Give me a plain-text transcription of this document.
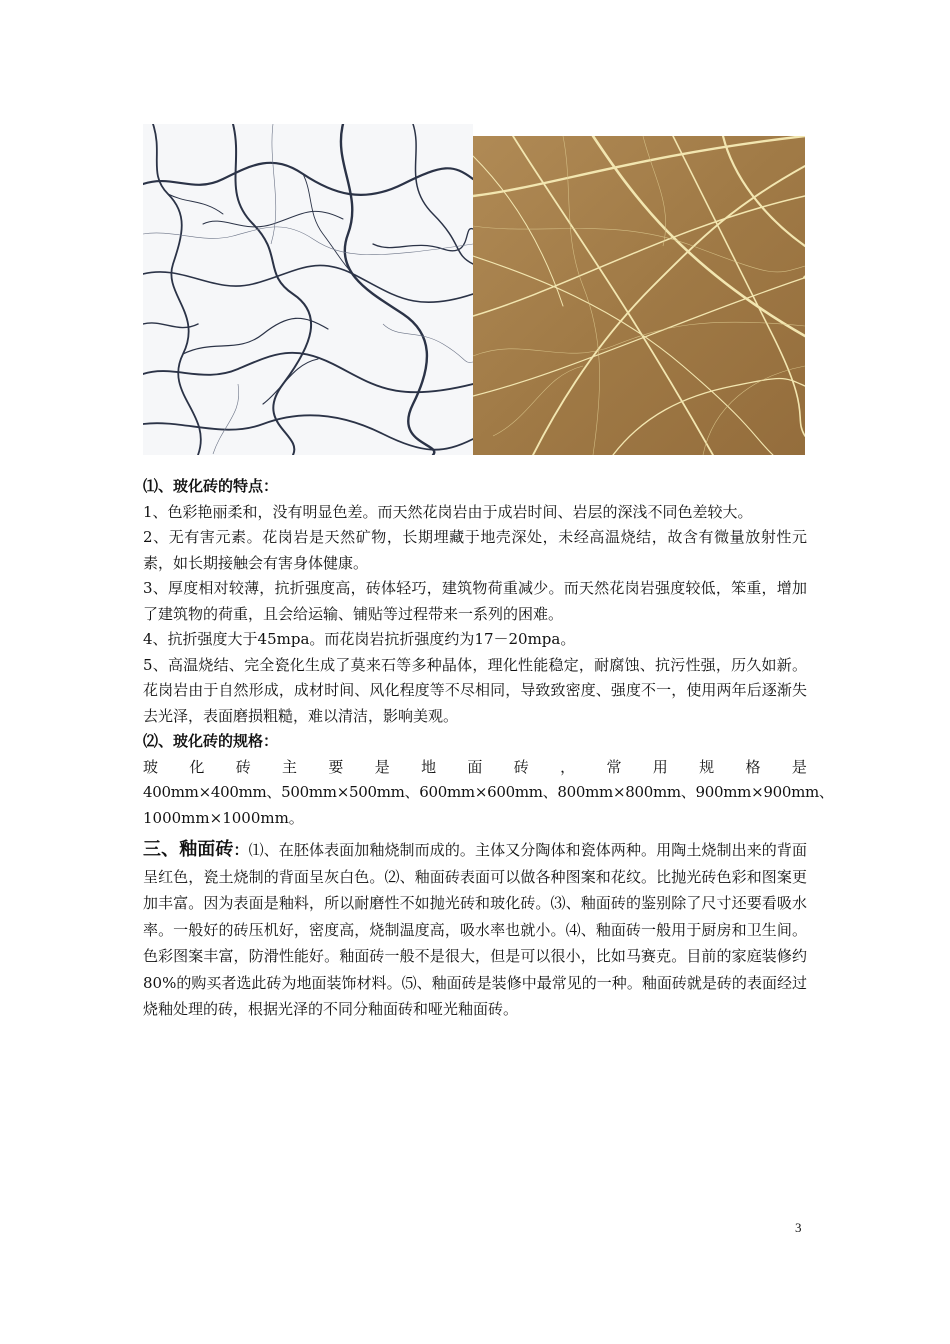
⑴、玻化砖的特点：

1、色彩艳丽柔和，没有明显色差。而天然花岗岩由于成岩时间、岩层的深浅不同色差较大。

2、无有害元素。花岗岩是天然矿物，长期埋藏于地壳深处，未经高温烧结，故含有微量放射性元素，如长期接触会有害身体健康。

3、厚度相对较薄，抗折强度高，砖体轻巧，建筑物荷重减少。而天然花岗岩强度较低，笨重，增加了建筑物的荷重，且会给运输、铺贴等过程带来一系列的困难。

4、抗折强度大于45mpa。而花岗岩抗折强度约为17－20mpa。

5、高温烧结、完全瓷化生成了莫来石等多种晶体，理化性能稳定，耐腐蚀、抗污性强，历久如新。花岗岩由于自然形成，成材时间、风化程度等不尽相同，导致致密度、强度不一，使用两年后逐渐失去光泽，表面磨损粗糙，难以清洁，影响美观。

⑵、玻化砖的规格：

玻 化 砖 主 要 是 地 面 砖 ， 常 用 规 格 是

400mm×400mm、500mm×500mm、600mm×600mm、800mm×800mm、900mm×900mm、

1000mm×1000mm。

三、釉面砖：⑴、在胚体表面加釉烧制而成的。主体又分陶体和瓷体两种。用陶土烧制出来的背面呈红色，瓷土烧制的背面呈灰白色。⑵、釉面砖表面可以做各种图案和花纹。比抛光砖色彩和图案更加丰富。因为表面是釉料，所以耐磨性不如抛光砖和玻化砖。⑶、釉面砖的鉴别除了尺寸还要看吸水率。一般好的砖压机好，密度高，烧制温度高，吸水率也就小。⑷、釉面砖一般用于厨房和卫生间。色彩图案丰富，防滑性能好。釉面砖一般不是很大，但是可以很小，比如马赛克。目前的家庭装修约80%的购买者选此砖为地面装饰材料。⑸、釉面砖是装修中最常见的一种。釉面砖就是砖的表面经过烧釉处理的砖，根据光泽的不同分釉面砖和哑光釉面砖。

3
